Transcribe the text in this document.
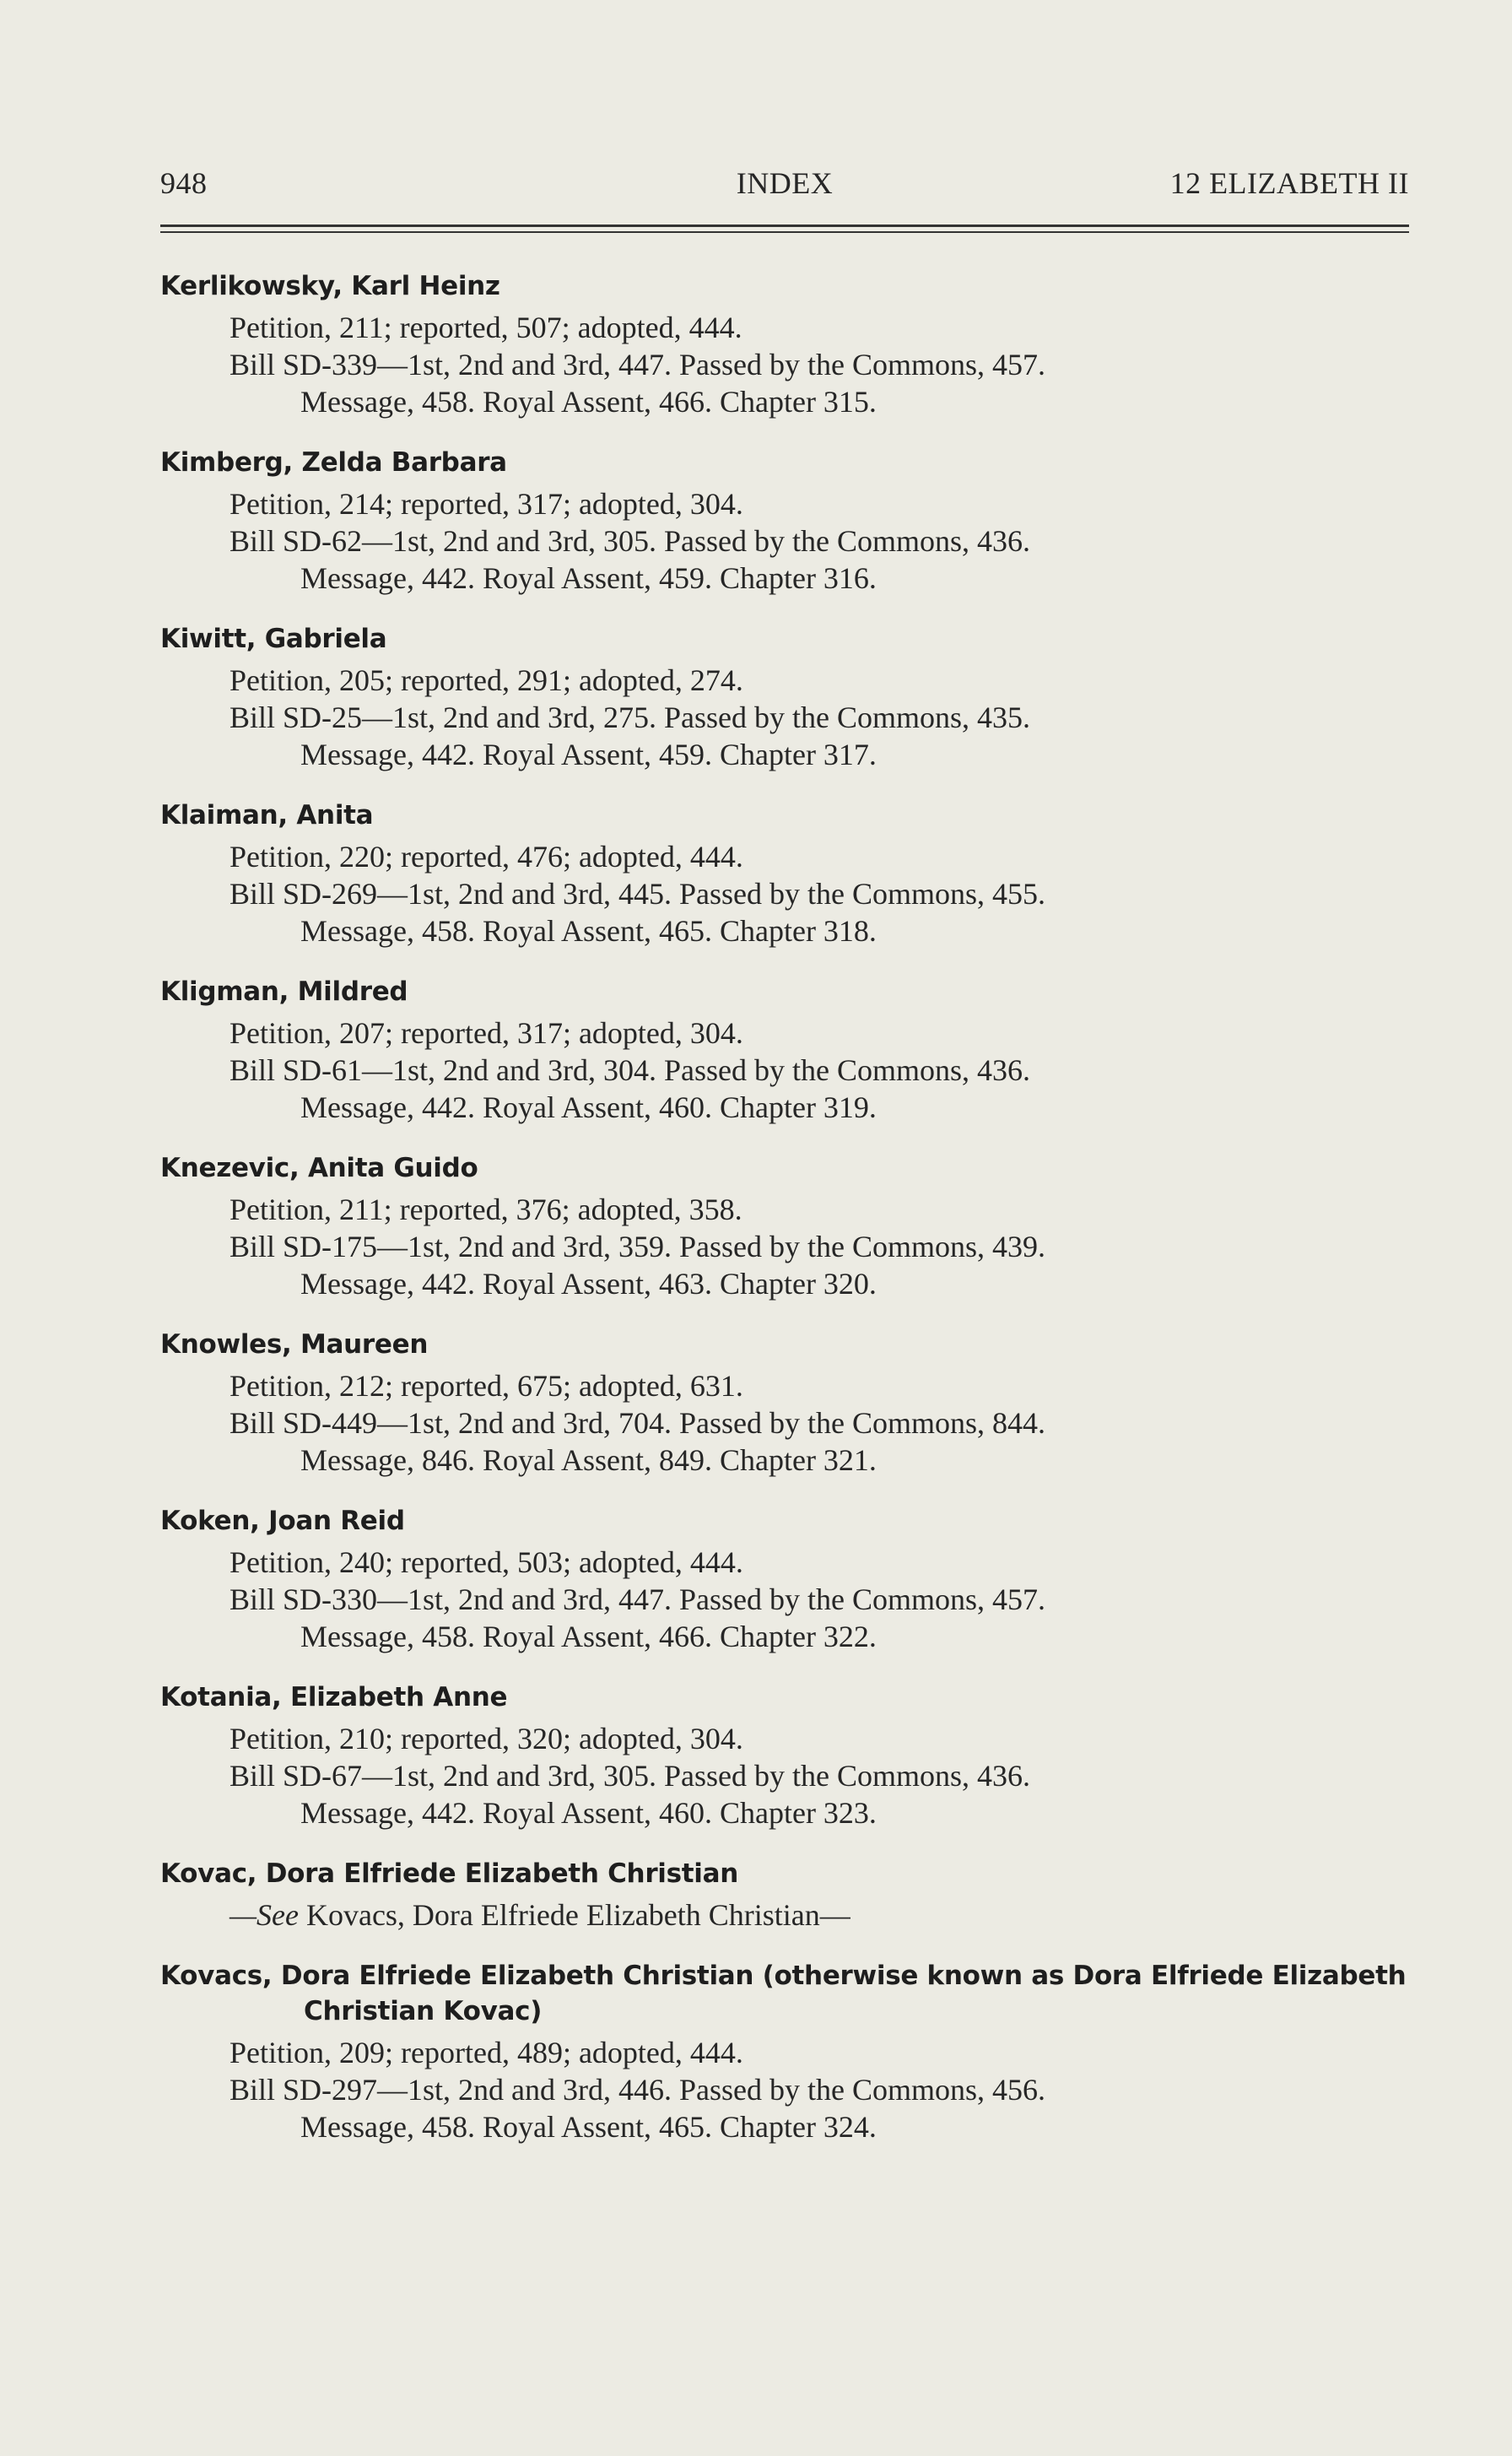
948	INDEX	12 ELIZABETH II
Kerlikowsky, Karl Heinz
Petition, 211; reported, 507; adopted, 444.
Bill SD-339—1st, 2nd and 3rd, 447. Passed by the Commons, 457.
Message, 458. Royal Assent, 466. Chapter 315.
Kimberg, Zelda Barbara
Petition, 214; reported, 317; adopted, 304.
Bill SD-62—1st, 2nd and 3rd, 305. Passed by the Commons, 436.
Message, 442. Royal Assent, 459. Chapter 316.
Kiwitt, Gabriela
Petition, 205; reported, 291; adopted, 274.
Bill SD-25—1st, 2nd and 3rd, 275. Passed by the Commons, 435.
Message, 442. Royal Assent, 459. Chapter 317.
Klaiman, Anita
Petition, 220; reported, 476; adopted, 444.
Bill SD-269—1st, 2nd and 3rd, 445. Passed by the Commons, 455.
Message, 458. Royal Assent, 465. Chapter 318.
Kligman, Mildred
Petition, 207; reported, 317; adopted, 304.
Bill SD-61—1st, 2nd and 3rd, 304. Passed by the Commons, 436.
Message, 442. Royal Assent, 460. Chapter 319.
Knezevic, Anita Guido
Petition, 211; reported, 376; adopted, 358.
Bill SD-175—1st, 2nd and 3rd, 359. Passed by the Commons, 439.
Message, 442. Royal Assent, 463. Chapter 320.
Knowles, Maureen
Petition, 212; reported, 675; adopted, 631.
Bill SD-449—1st, 2nd and 3rd, 704. Passed by the Commons, 844.
Message, 846. Royal Assent, 849. Chapter 321.
Koken, Joan Reid
Petition, 240; reported, 503; adopted, 444.
Bill SD-330—1st, 2nd and 3rd, 447. Passed by the Commons, 457.
Message, 458. Royal Assent, 466. Chapter 322.
Kotania, Elizabeth Anne
Petition, 210; reported, 320; adopted, 304.
Bill SD-67—1st, 2nd and 3rd, 305. Passed by the Commons, 436.
Message, 442. Royal Assent, 460. Chapter 323.
Kovac, Dora Elfriede Elizabeth Christian
—See Kovacs, Dora Elfriede Elizabeth Christian—
Kovacs, Dora Elfriede Elizabeth Christian (otherwise known as Dora Elfriede Elizabeth Christian Kovac)
Petition, 209; reported, 489; adopted, 444.
Bill SD-297—1st, 2nd and 3rd, 446. Passed by the Commons, 456.
Message, 458. Royal Assent, 465. Chapter 324.
